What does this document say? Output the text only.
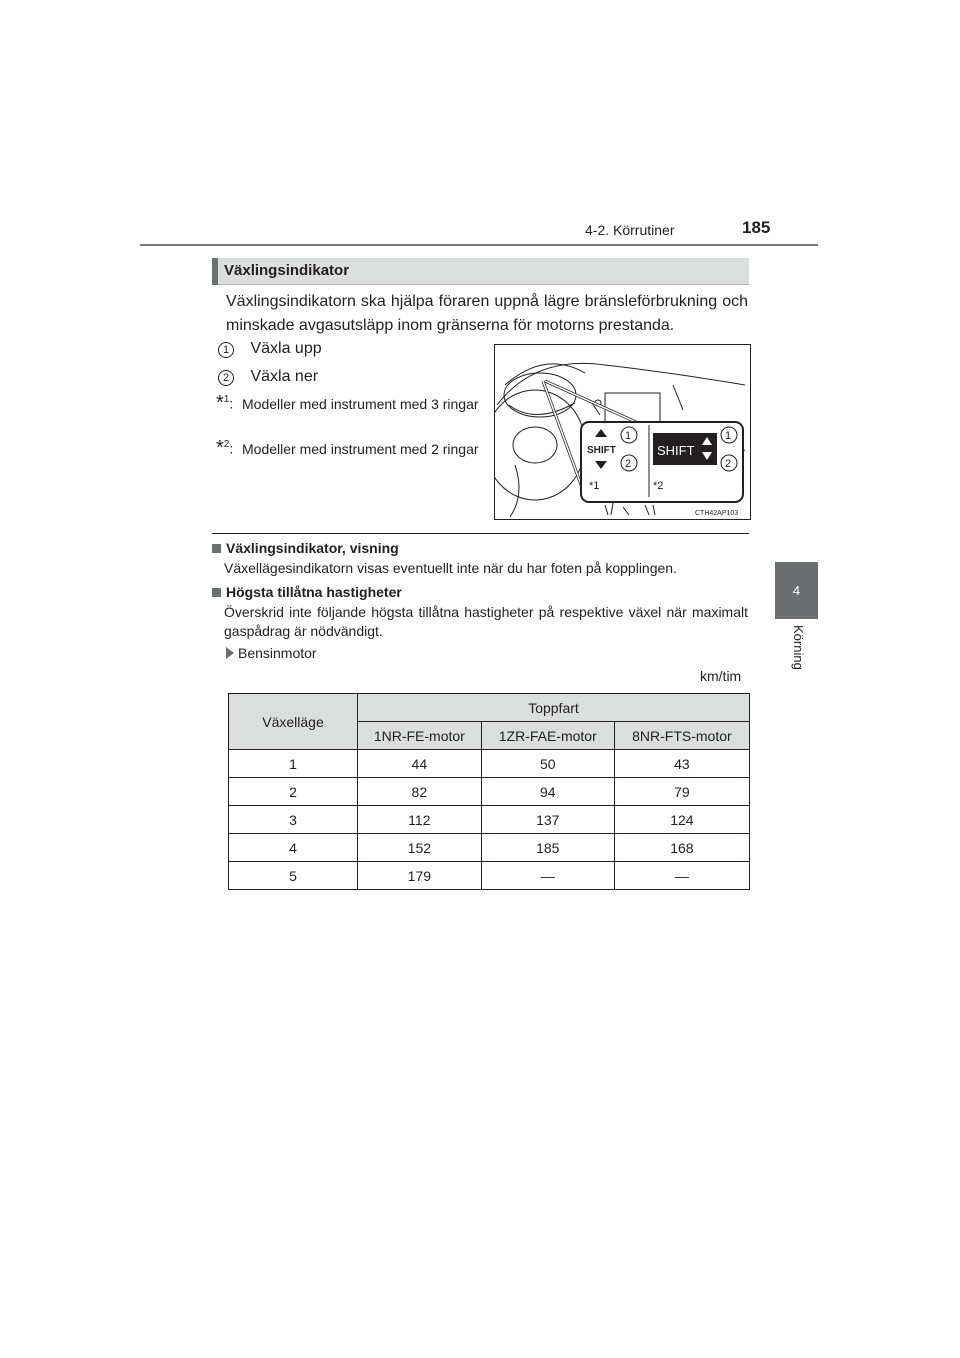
4-2. Körrutiner	185
4
Körning
Växlingsindikator
Växlingsindikatorn ska hjälpa föraren uppnå lägre bränsleförbrukning och minskade avgasutsläpp inom gränserna för motorns prestanda.
1 Växla upp
2 Växla ner
*$^1$: Modeller med instrument med 3 ringar
*$^2$: Modeller med instrument med 2 ringar	SHIFT
1
2
*1
SHIFT
1
2
*2
CTH42AP103
Växlingsindikator, visning
Växellägesindikatorn visas eventuellt inte när du har foten på kopplingen.
Högsta tillåtna hastigheter
Överskrid inte följande högsta tillåtna hastigheter på respektive växel när maximalt gaspådrag är nödvändigt.
Bensinmotor
km/tim
Växelläge	Toppfart		
	1NR-FE-motor	1ZR-FAE-motor	8NR-FTS-motor
1	44	50	43
2	82	94	79
3	112	137	124
4	152	185	168
5	179	—	—
